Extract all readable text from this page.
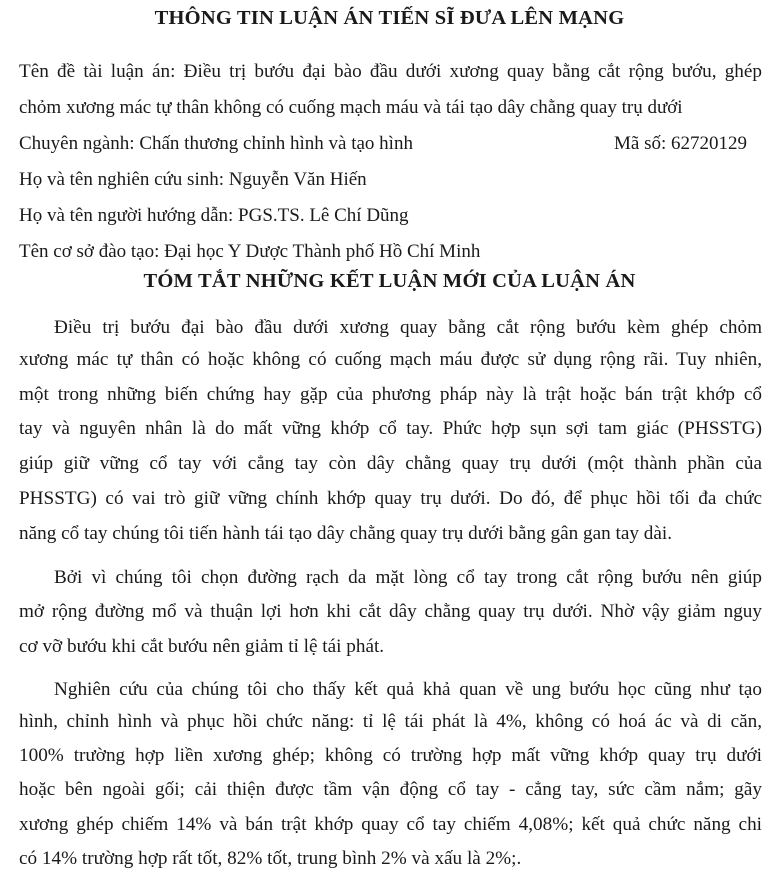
THÔNG TIN LUẬN ÁN TIẾN SĨ ĐƯA LÊN MẠNG
Tên đề tài luận án: Điều trị bướu đại bào đầu dưới xương quay bằng cắt rộng bướu, ghép
chỏm xương mác tự thân không có cuống mạch máu và tái tạo dây chằng quay trụ dưới
Chuyên ngành: Chấn thương chỉnh hình và tạo hình	Mã số: 62720129
Họ và tên nghiên cứu sinh: Nguyễn Văn Hiến
Họ và tên người hướng dẫn: PGS.TS. Lê Chí Dũng
Tên cơ sở đào tạo: Đại học Y Dược Thành phố Hồ Chí Minh
TÓM TẮT NHỮNG KẾT LUẬN MỚI CỦA LUẬN ÁN
Điều trị bướu đại bào đầu dưới xương quay bằng cắt rộng bướu kèm ghép chỏm
xương mác tự thân có hoặc không có cuống mạch máu được sử dụng rộng rãi. Tuy nhiên,
một trong những biến chứng hay gặp của phương pháp này là trật hoặc bán trật khớp cổ
tay và nguyên nhân là do mất vững khớp cổ tay. Phức hợp sụn sợi tam giác (PHSSTG)
giúp giữ vững cổ tay với cẳng tay còn dây chằng quay trụ dưới (một thành phần của
PHSSTG) có vai trò giữ vững chính khớp quay trụ dưới. Do đó, để phục hồi tối đa chức
năng cổ tay chúng tôi tiến hành tái tạo dây chằng quay trụ dưới bằng gân gan tay dài.
Bởi vì chúng tôi chọn đường rạch da mặt lòng cổ tay trong cắt rộng bướu nên giúp
mở rộng đường mổ và thuận lợi hơn khi cắt dây chằng quay trụ dưới. Nhờ vậy giảm nguy
cơ vỡ bướu khi cắt bướu nên giảm tỉ lệ tái phát.
Nghiên cứu của chúng tôi cho thấy kết quả khả quan về ung bướu học cũng như tạo
hình, chỉnh hình và phục hồi chức năng: tỉ lệ tái phát là 4%, không có hoá ác và di căn,
100% trường hợp liền xương ghép; không có trường hợp mất vững khớp quay trụ dưới
hoặc bên ngoài gối; cải thiện được tầm vận động cổ tay - cẳng tay, sức cầm nắm; gãy
xương ghép chiếm 14% và bán trật khớp quay cổ tay chiếm 4,08%; kết quả chức năng chi
có 14% trường hợp rất tốt, 82% tốt, trung bình 2% và xấu là 2%;.
